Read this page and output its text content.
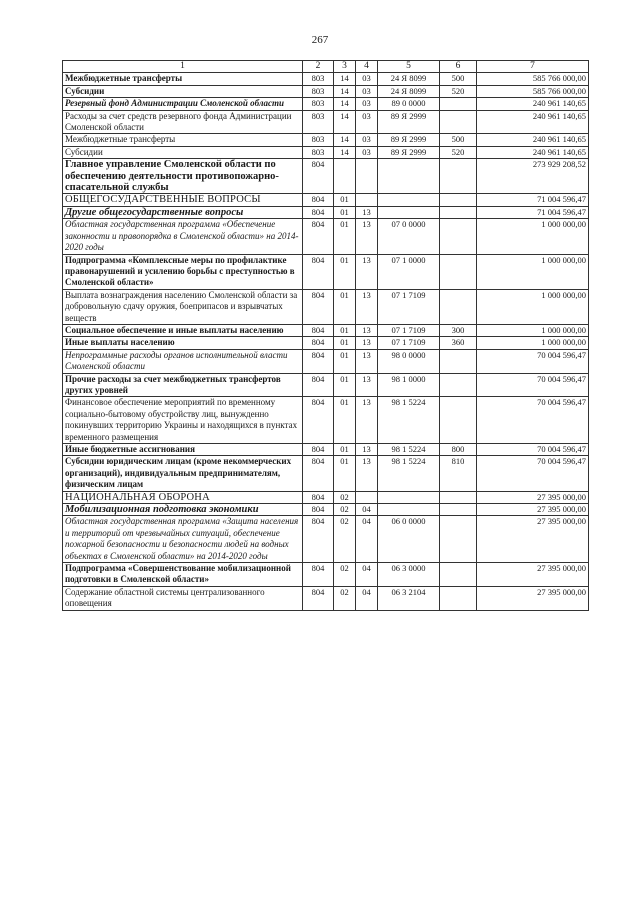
267
1	2	3	4	5	6	7
Межбюджетные трансферты	803	14	03	24 Я 8099	500	585 766 000,00
Субсидии	803	14	03	24 Я 8099	520	585 766 000,00
Резервный фонд Администрации Смоленской области	803	14	03	89 0 0000		240 961 140,65
Расходы за счет средств резервного фонда Администрации Смоленской области	803	14	03	89 Я 2999		240 961 140,65
Межбюджетные трансферты	803	14	03	89 Я 2999	500	240 961 140,65
Субсидии	803	14	03	89 Я 2999	520	240 961 140,65
Главное управление Смоленской области по обеспечению деятельности противопожарно-спасательной службы	804					273 929 208,52
ОБЩЕГОСУДАРСТВЕННЫЕ ВОПРОСЫ	804	01				71 004 596,47
Другие общегосударственные вопросы	804	01	13			71 004 596,47
Областная государственная программа «Обеспечение законности и правопорядка в Смоленской области» на 2014-2020 годы	804	01	13	07 0 0000		1 000 000,00
Подпрограмма «Комплексные меры по профилактике правонарушений и усилению борьбы с преступностью в Смоленской области»	804	01	13	07 1 0000		1 000 000,00
Выплата вознаграждения населению Смоленской области за добровольную сдачу оружия, боеприпасов и взрывчатых веществ	804	01	13	07 1 7109		1 000 000,00
Социальное обеспечение и иные выплаты населению	804	01	13	07 1 7109	300	1 000 000,00
Иные выплаты населению	804	01	13	07 1 7109	360	1 000 000,00
Непрограммные расходы органов исполнительной власти Смоленской области	804	01	13	98 0 0000		70 004 596,47
Прочие расходы за счет межбюджетных трансфертов других уровней	804	01	13	98 1 0000		70 004 596,47
Финансовое обеспечение мероприятий по временному социально-бытовому обустройству лиц, вынужденно покинувших территорию Украины и находящихся в пунктах временного размещения	804	01	13	98 1 5224		70 004 596,47
Иные бюджетные ассигнования	804	01	13	98 1 5224	800	70 004 596,47
Субсидии юридическим лицам (кроме некоммерческих организаций), индивидуальным предпринимателям, физическим лицам	804	01	13	98 1 5224	810	70 004 596,47
НАЦИОНАЛЬНАЯ ОБОРОНА	804	02				27 395 000,00
Мобилизационная подготовка экономики	804	02	04			27 395 000,00
Областная государственная программа «Защита населения и территорий от чрезвычайных ситуаций, обеспечение пожарной безопасности и безопасности людей на водных объектах в Смоленской области» на 2014-2020 годы	804	02	04	06 0 0000		27 395 000,00
Подпрограмма «Совершенствование мобилизационной подготовки в Смоленской области»	804	02	04	06 3 0000		27 395 000,00
Содержание областной системы централизованного оповещения	804	02	04	06 3 2104		27 395 000,00
